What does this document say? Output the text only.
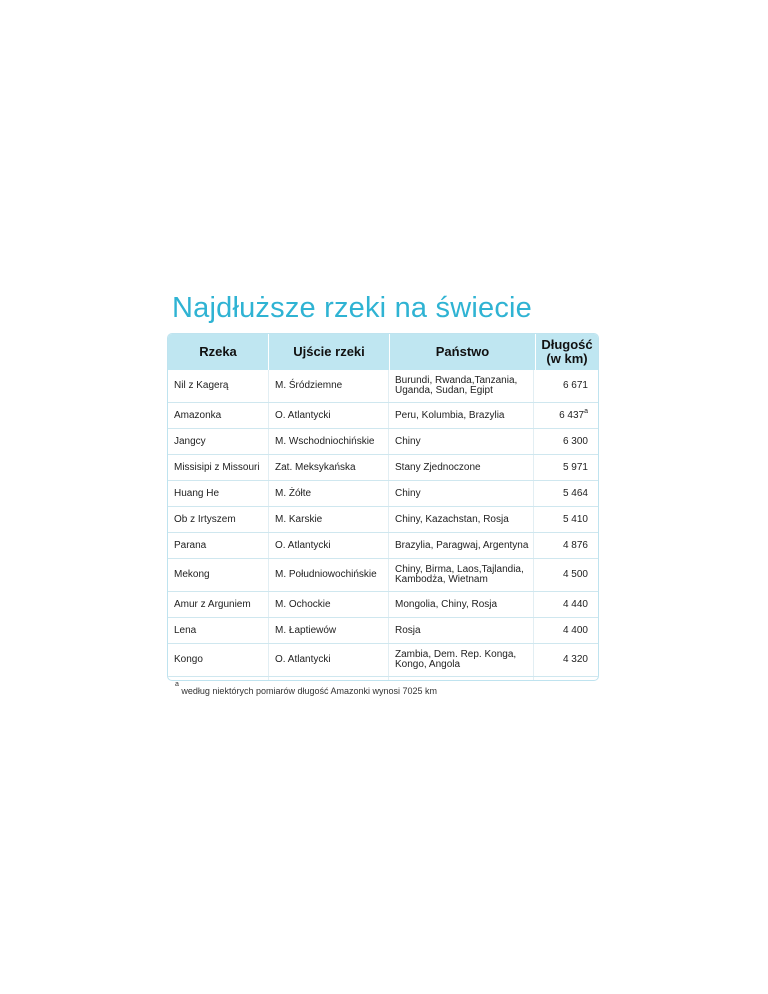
Najdłuższe rzeki na świecie
Rzeka	Ujście rzeki	Państwo	Długość (w km)
Nil z Kagerą	M. Śródziemne	Burundi, Rwanda,Tanzania, Uganda, Sudan, Egipt	6 671
Amazonka	O. Atlantycki	Peru, Kolumbia, Brazylia	6 437$^a$
Jangcy	M. Wschodniochińskie	Chiny	6 300
Missisipi z Missouri	Zat. Meksykańska	Stany Zjednoczone	5 971
Huang He	M. Żółte	Chiny	5 464
Ob z Irtyszem	M. Karskie	Chiny, Kazachstan, Rosja	5 410
Parana	O. Atlantycki	Brazylia, Paragwaj, Argentyna	4 876
Mekong	M. Południowochińskie	Chiny, Birma, Laos,Tajlandia, Kambodża, Wietnam	4 500
Amur z Arguniem	M. Ochockie	Mongolia, Chiny, Rosja	4 440
Lena	M. Łaptiewów	Rosja	4 400
Kongo	O. Atlantycki	Zambia, Dem. Rep. Konga, Kongo, Angola	4 320
$^a$ według niektórych pomiarów długość Amazonki wynosi 7025 km
